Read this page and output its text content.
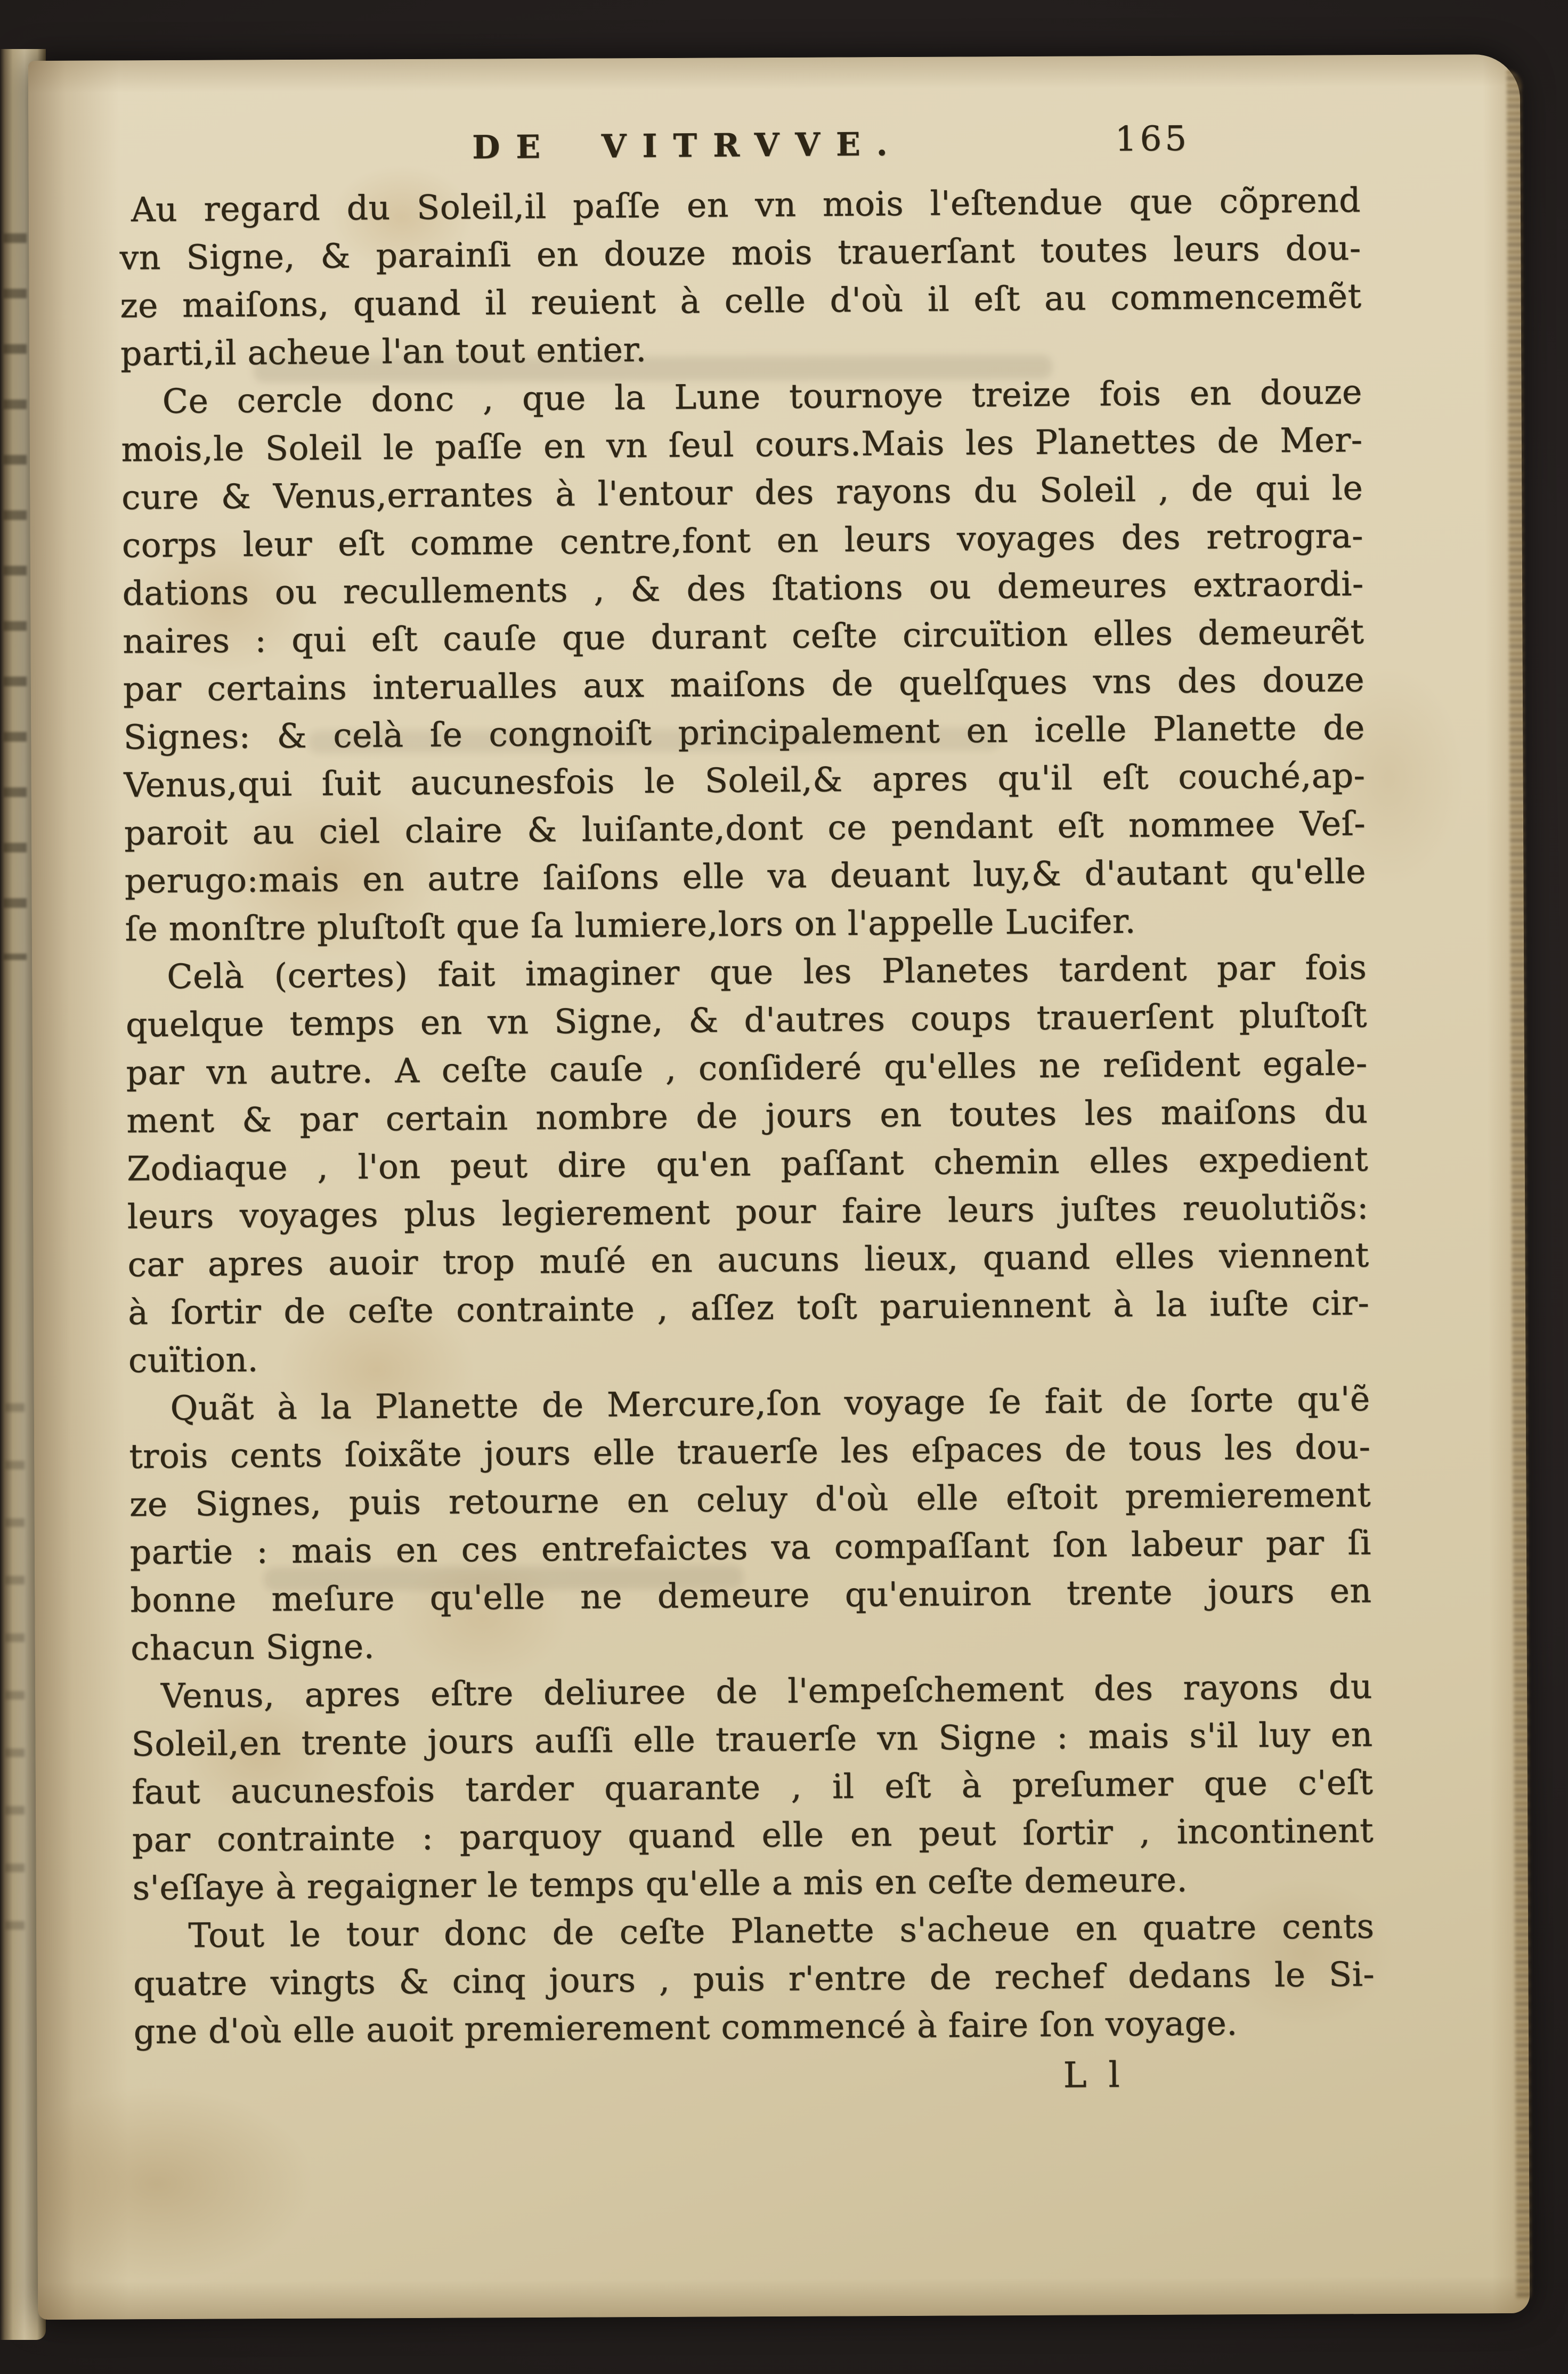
DE VITRVVE.	165
Au regard du Soleil,il paſſe en vn mois l'eſtendue que cõprend
vn Signe, & parainſi en douze mois trauerſant toutes leurs dou-
ze maiſons, quand il reuient à celle d'où il eſt au commencemẽt
parti,il acheue l'an tout entier.
Ce cercle donc , que la Lune tournoye treize fois en douze
mois,le Soleil le paſſe en vn ſeul cours.Mais les Planettes de Mer-
cure & Venus,errantes à l'entour des rayons du Soleil , de qui le
corps leur eſt comme centre,font en leurs voyages des retrogra-
dations ou recullements , & des ſtations ou demeures extraordi-
naires : qui eſt cauſe que durant ceſte circuïtion elles demeurẽt
par certains interualles aux maiſons de quelſques vns des douze
Signes: & celà ſe congnoiſt principalement en icelle Planette de
Venus,qui ſuit aucunesfois le Soleil,& apres qu'il eſt couché,ap-
paroit au ciel claire & luiſante,dont ce pendant eſt nommee Veſ-
perugo:mais en autre ſaiſons elle va deuant luy,& d'autant qu'elle
ſe monſtre pluſtoſt que ſa lumiere,lors on l'appelle Lucifer.
Celà (certes) fait imaginer que les Planetes tardent par fois
quelque temps en vn Signe, & d'autres coups trauerſent pluſtoſt
par vn autre. A ceſte cauſe , conſideré qu'elles ne reſident egale-
ment & par certain nombre de jours en toutes les maiſons du
Zodiaque , l'on peut dire qu'en paſſant chemin elles expedient
leurs voyages plus legierement pour faire leurs juſtes reuolutiõs:
car apres auoir trop muſé en aucuns lieux, quand elles viennent
à ſortir de ceſte contrainte , aſſez toſt paruiennent à la iuſte cir-
cuïtion.
Quãt à la Planette de Mercure,ſon voyage ſe fait de ſorte qu'ẽ
trois cents ſoixãte jours elle trauerſe les eſpaces de tous les dou-
ze Signes, puis retourne en celuy d'où elle eſtoit premierement
partie : mais en ces entrefaictes va compaſſant ſon labeur par ſi
bonne meſure qu'elle ne demeure qu'enuiron trente jours en
chacun Signe.
Venus, apres eſtre deliuree de l'empeſchement des rayons du
Soleil,en trente jours auſſi elle trauerſe vn Signe : mais s'il luy en
faut aucunesfois tarder quarante , il eſt à preſumer que c'eſt
par contrainte : parquoy quand elle en peut ſortir , incontinent
s'eſſaye à regaigner le temps qu'elle a mis en ceſte demeure.
Tout le tour donc de ceſte Planette s'acheue en quatre cents
quatre vingts & cinq jours , puis r'entre de rechef dedans le Si-
gne d'où elle auoit premierement commencé à faire ſon voyage.
L l
